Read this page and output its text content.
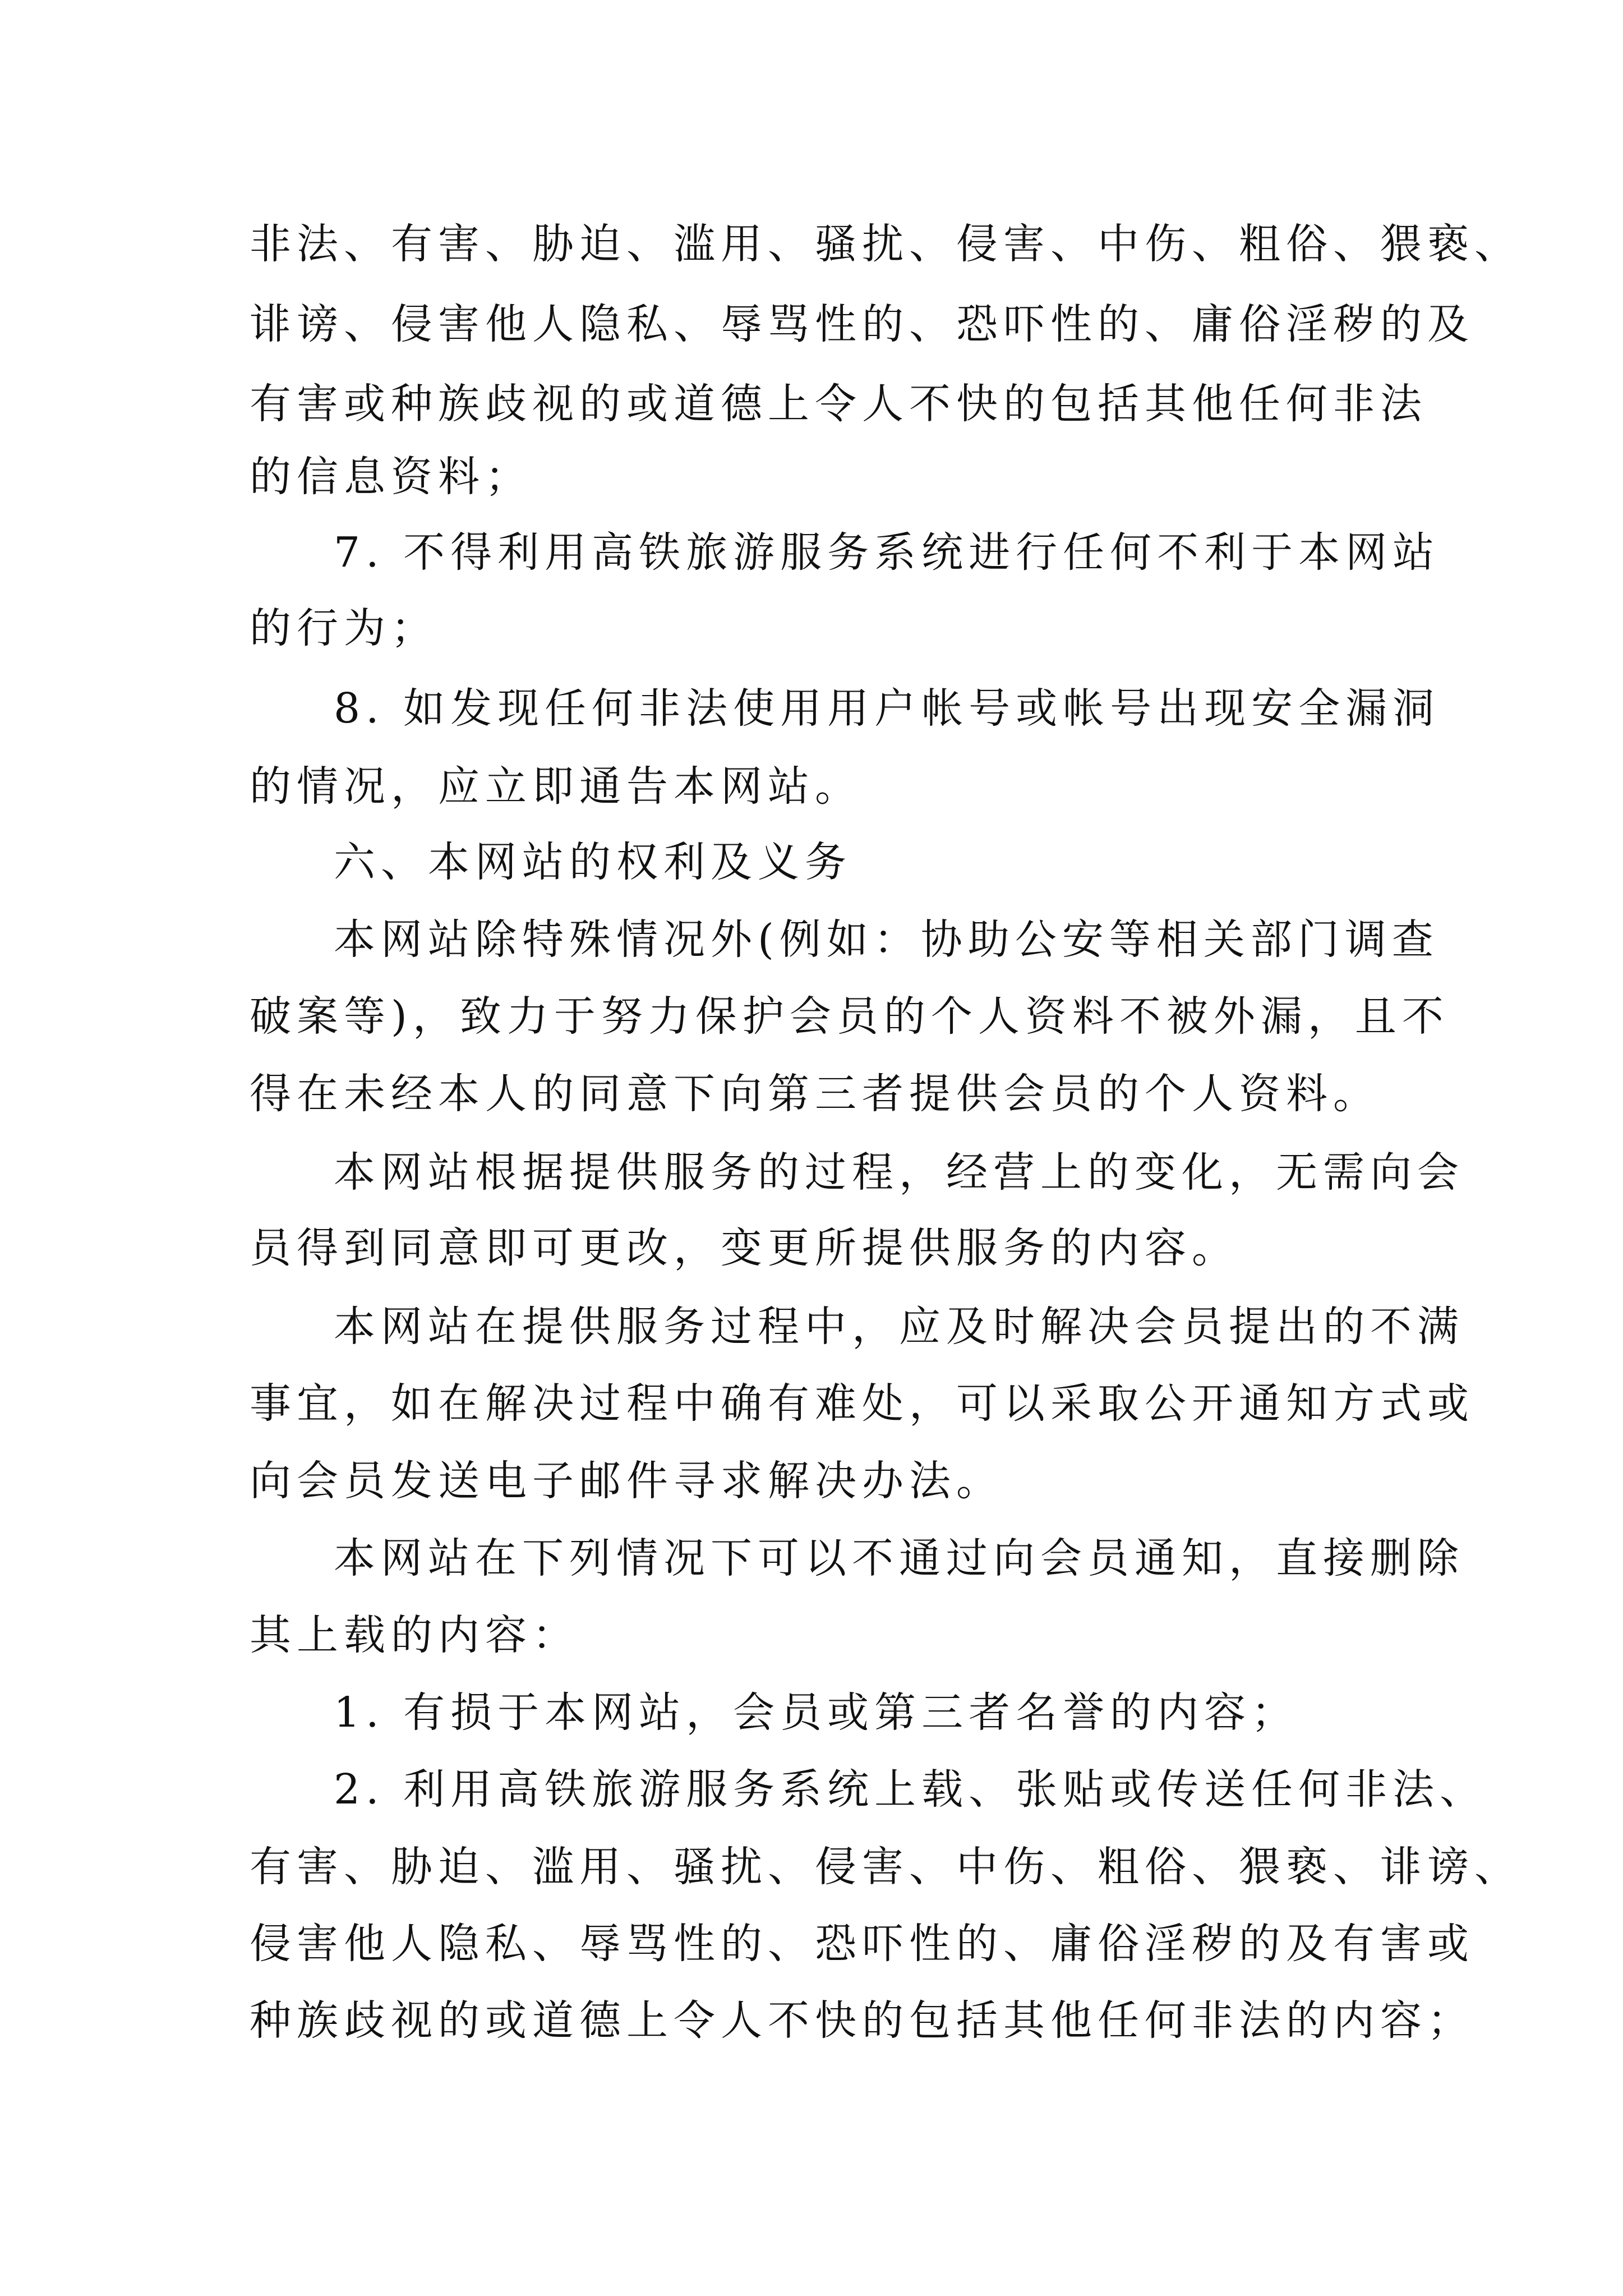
非法、有害、胁迫、滥用、骚扰、侵害、中伤、粗俗、猥亵、
诽谤、侵害他人隐私、辱骂性的、恐吓性的、庸俗淫秽的及
有害或种族歧视的或道德上令人不快的包括其他任何非法
的信息资料；
7. 不得利用高铁旅游服务系统进行任何不利于本网站
的行为；
8. 如发现任何非法使用用户帐号或帐号出现安全漏洞
的情况，应立即通告本网站。
六、本网站的权利及义务
本网站除特殊情况外(例如：协助公安等相关部门调查
破案等)，致力于努力保护会员的个人资料不被外漏，且不
得在未经本人的同意下向第三者提供会员的个人资料。
本网站根据提供服务的过程，经营上的变化，无需向会
员得到同意即可更改，变更所提供服务的内容。
本网站在提供服务过程中，应及时解决会员提出的不满
事宜，如在解决过程中确有难处，可以采取公开通知方式或
向会员发送电子邮件寻求解决办法。
本网站在下列情况下可以不通过向会员通知，直接删除
其上载的内容：
1. 有损于本网站，会员或第三者名誉的内容；
2. 利用高铁旅游服务系统上载、张贴或传送任何非法、
有害、胁迫、滥用、骚扰、侵害、中伤、粗俗、猥亵、诽谤、
侵害他人隐私、辱骂性的、恐吓性的、庸俗淫秽的及有害或
种族歧视的或道德上令人不快的包括其他任何非法的内容；
